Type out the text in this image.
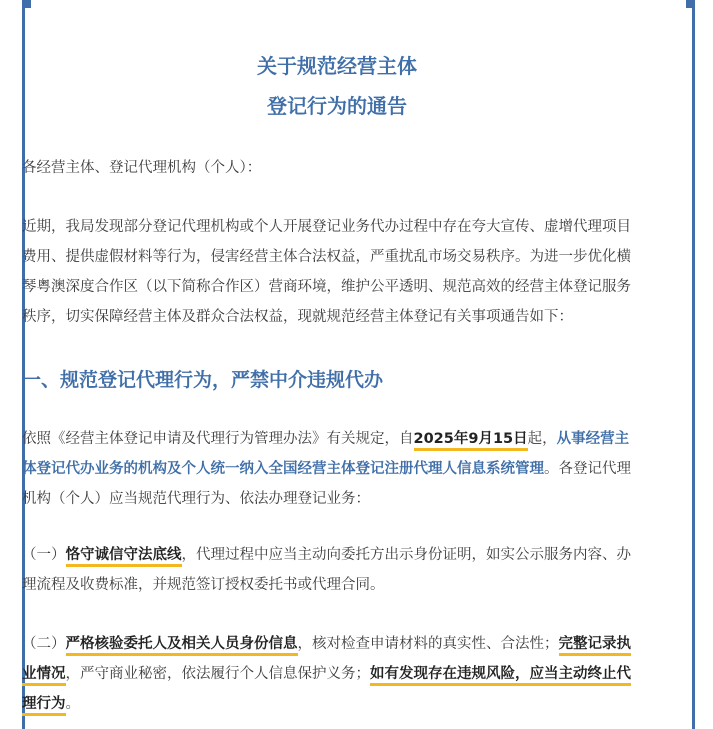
关于规范经营主体
登记行为的通告
各经营主体、登记代理机构（个人）：
近期，我局发现部分登记代理机构或个人开展登记业务代办过程中存在夸大宣传、虚增代理项目
费用、提供虚假材料等行为，侵害经营主体合法权益，严重扰乱市场交易秩序。为进一步优化横
琴粤澳深度合作区（以下简称合作区）营商环境，维护公平透明、规范高效的经营主体登记服务
秩序，切实保障经营主体及群众合法权益，现就规范经营主体登记有关事项通告如下：
一、规范登记代理行为，严禁中介违规代办
依照《经营主体登记申请及代理行为管理办法》有关规定，自2025年9月15日起，从事经营主
体登记代办业务的机构及个人统一纳入全国经营主体登记注册代理人信息系统管理。各登记代理
机构（个人）应当规范代理行为、依法办理登记业务：
（一）恪守诚信守法底线，代理过程中应当主动向委托方出示身份证明，如实公示服务内容、办
理流程及收费标准，并规范签订授权委托书或代理合同。
（二）严格核验委托人及相关人员身份信息，核对检查申请材料的真实性、合法性；完整记录执
业情况，严守商业秘密，依法履行个人信息保护义务；如有发现存在违规风险，应当主动终止代
理行为。
